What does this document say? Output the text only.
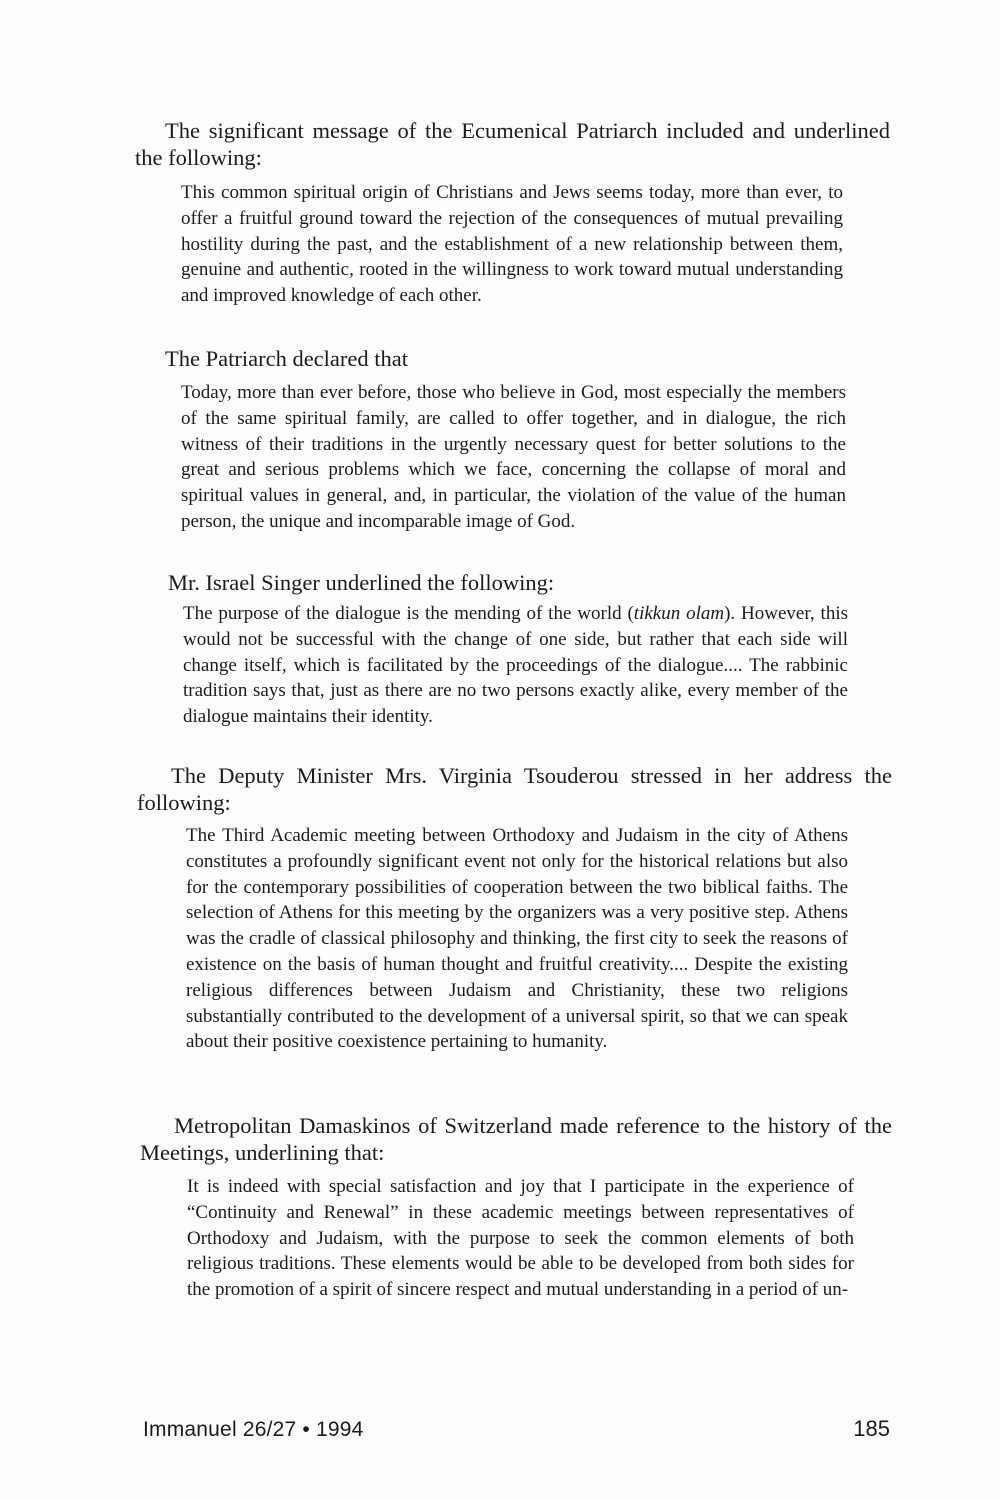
The significant message of the Ecumenical Patriarch included and underlined the following:

This common spiritual origin of Christians and Jews seems today, more than ever, to offer a fruitful ground toward the rejection of the consequences of mutual prevailing hostility during the past, and the establishment of a new relationship between them, genuine and authentic, rooted in the willingness to work toward mutual understanding and improved knowledge of each other.

The Patriarch declared that

Today, more than ever before, those who believe in God, most especially the members of the same spiritual family, are called to offer together, and in dialogue, the rich witness of their traditions in the urgently necessary quest for better solutions to the great and serious problems which we face, concerning the collapse of moral and spiritual values in general, and, in particular, the violation of the value of the human person, the unique and incomparable image of God.

Mr. Israel Singer underlined the following:

The purpose of the dialogue is the mending of the world (tikkun olam). However, this would not be successful with the change of one side, but rather that each side will change itself, which is facilitated by the proceedings of the dialogue.... The rabbinic tradition says that, just as there are no two persons exactly alike, every member of the dialogue maintains their identity.

The Deputy Minister Mrs. Virginia Tsouderou stressed in her address the following:

The Third Academic meeting between Orthodoxy and Judaism in the city of Athens constitutes a profoundly significant event not only for the historical relations but also for the contemporary possibilities of cooperation between the two biblical faiths. The selection of Athens for this meeting by the organizers was a very positive step. Athens was the cradle of classical philosophy and thinking, the first city to seek the reasons of existence on the basis of human thought and fruitful creativity.... Despite the existing religious differences between Judaism and Christianity, these two religions substantially contributed to the development of a universal spirit, so that we can speak about their positive coexistence pertaining to humanity.

Metropolitan Damaskinos of Switzerland made reference to the history of the Meetings, underlining that:

It is indeed with special satisfaction and joy that I participate in the experience of “Continuity and Renewal” in these academic meetings between representatives of Orthodoxy and Judaism, with the purpose to seek the common elements of both religious traditions. These elements would be able to be developed from both sides for the promotion of a spirit of sincere respect and mutual understanding in a period of un-

Immanuel 26/27 • 1994	185
